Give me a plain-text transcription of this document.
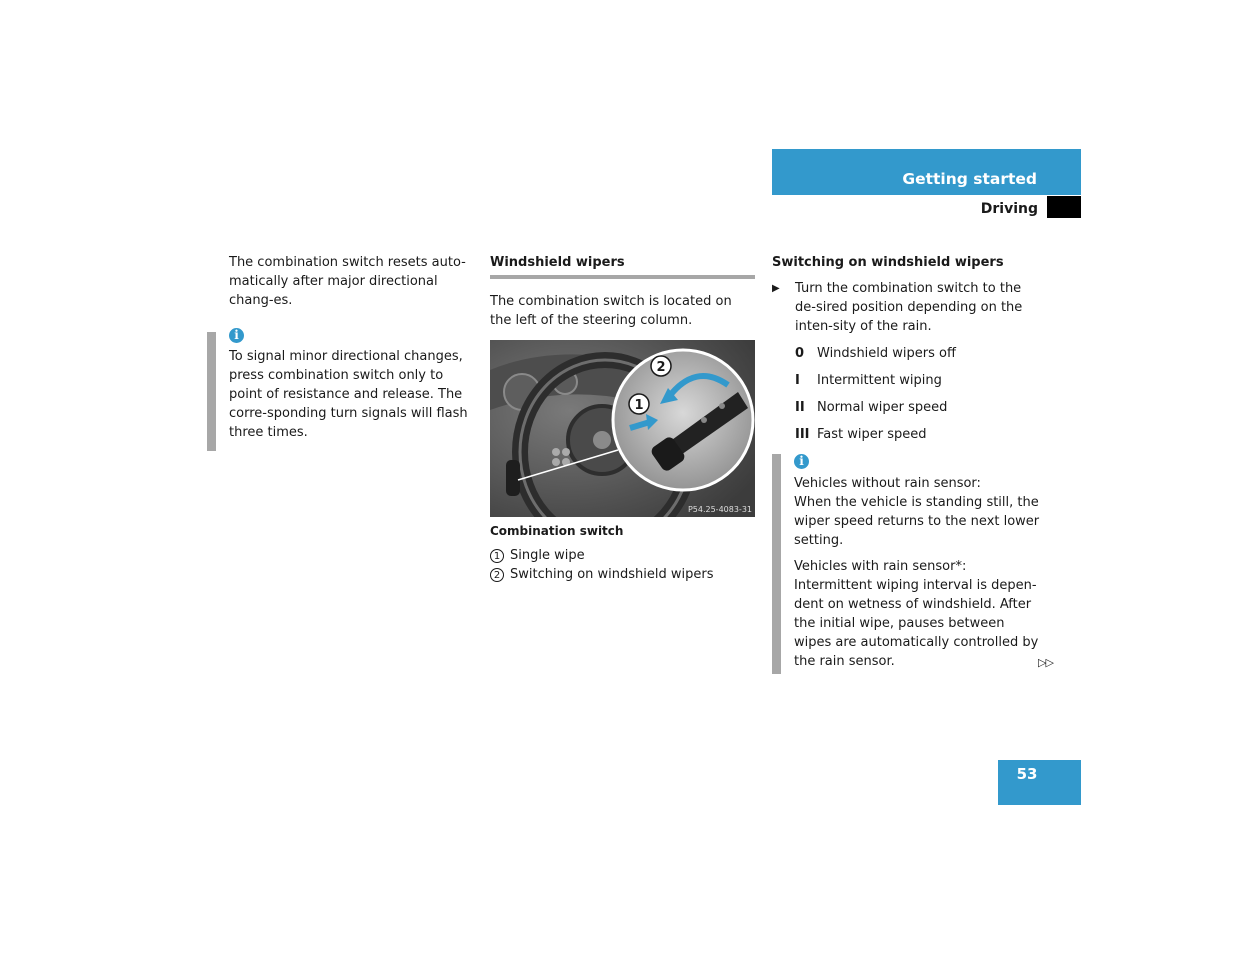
Getting started
Driving

The combination switch resets auto-matically after major directional chang-es.

i

To signal minor directional changes, press combination switch only to point of resistance and release. The corre-sponding turn signals will flash three times.

Windshield wipers

The combination switch is located on the left of the steering column.

2
1
P54.25-4083-31
Combination switch
1 Single wipe
2 Switching on windshield wipers
Switching on windshield wipers
▶ Turn the combination switch to the de-sired position depending on the inten-sity of the rain.
0 Windshield wipers off
I Intermittent wiping
II Normal wiper speed
III Fast wiper speed
i

Vehicles without rain sensor:

When the vehicle is standing still, the wiper speed returns to the next lower setting.

Vehicles with rain sensor*:

Intermittent wiping interval is depen-dent on wetness of windshield. After the initial wipe, pauses between wipes are automatically controlled by the rain sensor.	▷▷
53
